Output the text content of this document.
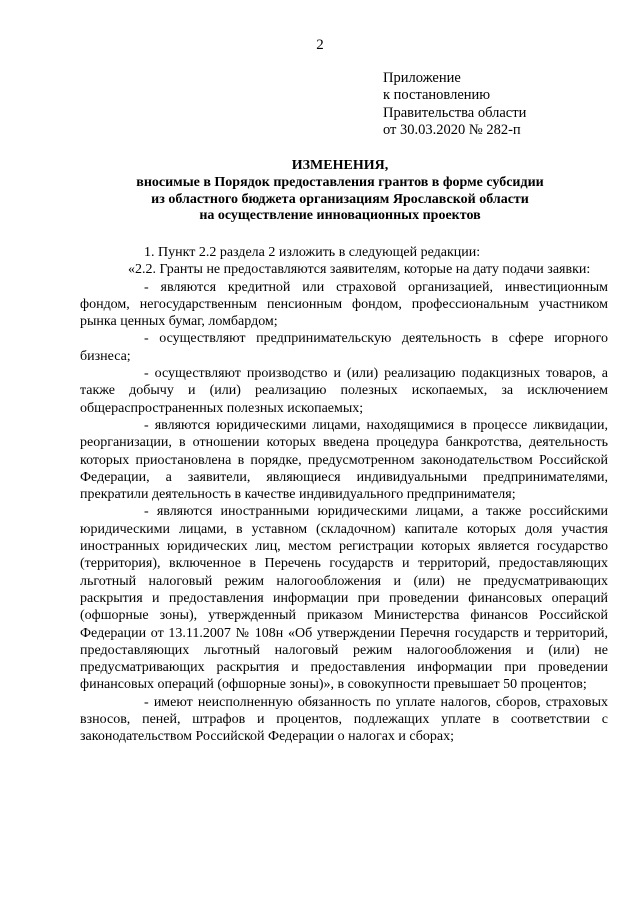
2
Приложение
к постановлению
Правительства области
от 30.03.2020 № 282-п
ИЗМЕНЕНИЯ,
вносимые в Порядок предоставления грантов в форме субсидии
из областного бюджета организациям Ярославской области
на осуществление инновационных проектов

1. Пункт 2.2 раздела 2 изложить в следующей редакции:

«2.2. Гранты не предоставляются заявителям, которые на дату подачи заявки:

- являются кредитной или страховой организацией, инвестиционным фондом, негосударственным пенсионным фондом, профессиональным участником рынка ценных бумаг, ломбардом;

- осуществляют предпринимательскую деятельность в сфере игорного бизнеса;

- осуществляют производство и (или) реализацию подакцизных товаров, а также добычу и (или) реализацию полезных ископаемых, за исключением общераспространенных полезных ископаемых;

- являются юридическими лицами, находящимися в процессе ликвидации, реорганизации, в отношении которых введена процедура банкротства, деятельность которых приостановлена в порядке, предусмотренном законодательством Российской Федерации, а заявители, являющиеся индивидуальными предпринимателями, прекратили деятельность в качестве индивидуального предпринимателя;

- являются иностранными юридическими лицами, а также российскими юридическими лицами, в уставном (складочном) капитале которых доля участия иностранных юридических лиц, местом регистрации которых является государство (территория), включенное в Перечень государств и территорий, предоставляющих льготный налоговый режим налогообложения и (или) не предусматривающих раскрытия и предоставления информации при проведении финансовых операций (офшорные зоны), утвержденный приказом Министерства финансов Российской Федерации от 13.11.2007 № 108н «Об утверждении Перечня государств и территорий, предоставляющих льготный налоговый режим налогообложения и (или) не предусматривающих раскрытия и предоставления информации при проведении финансовых операций (офшорные зоны)», в совокупности превышает 50 процентов;

- имеют неисполненную обязанность по уплате налогов, сборов, страховых взносов, пеней, штрафов и процентов, подлежащих уплате в соответствии с законодательством Российской Федерации о налогах и сборах;
